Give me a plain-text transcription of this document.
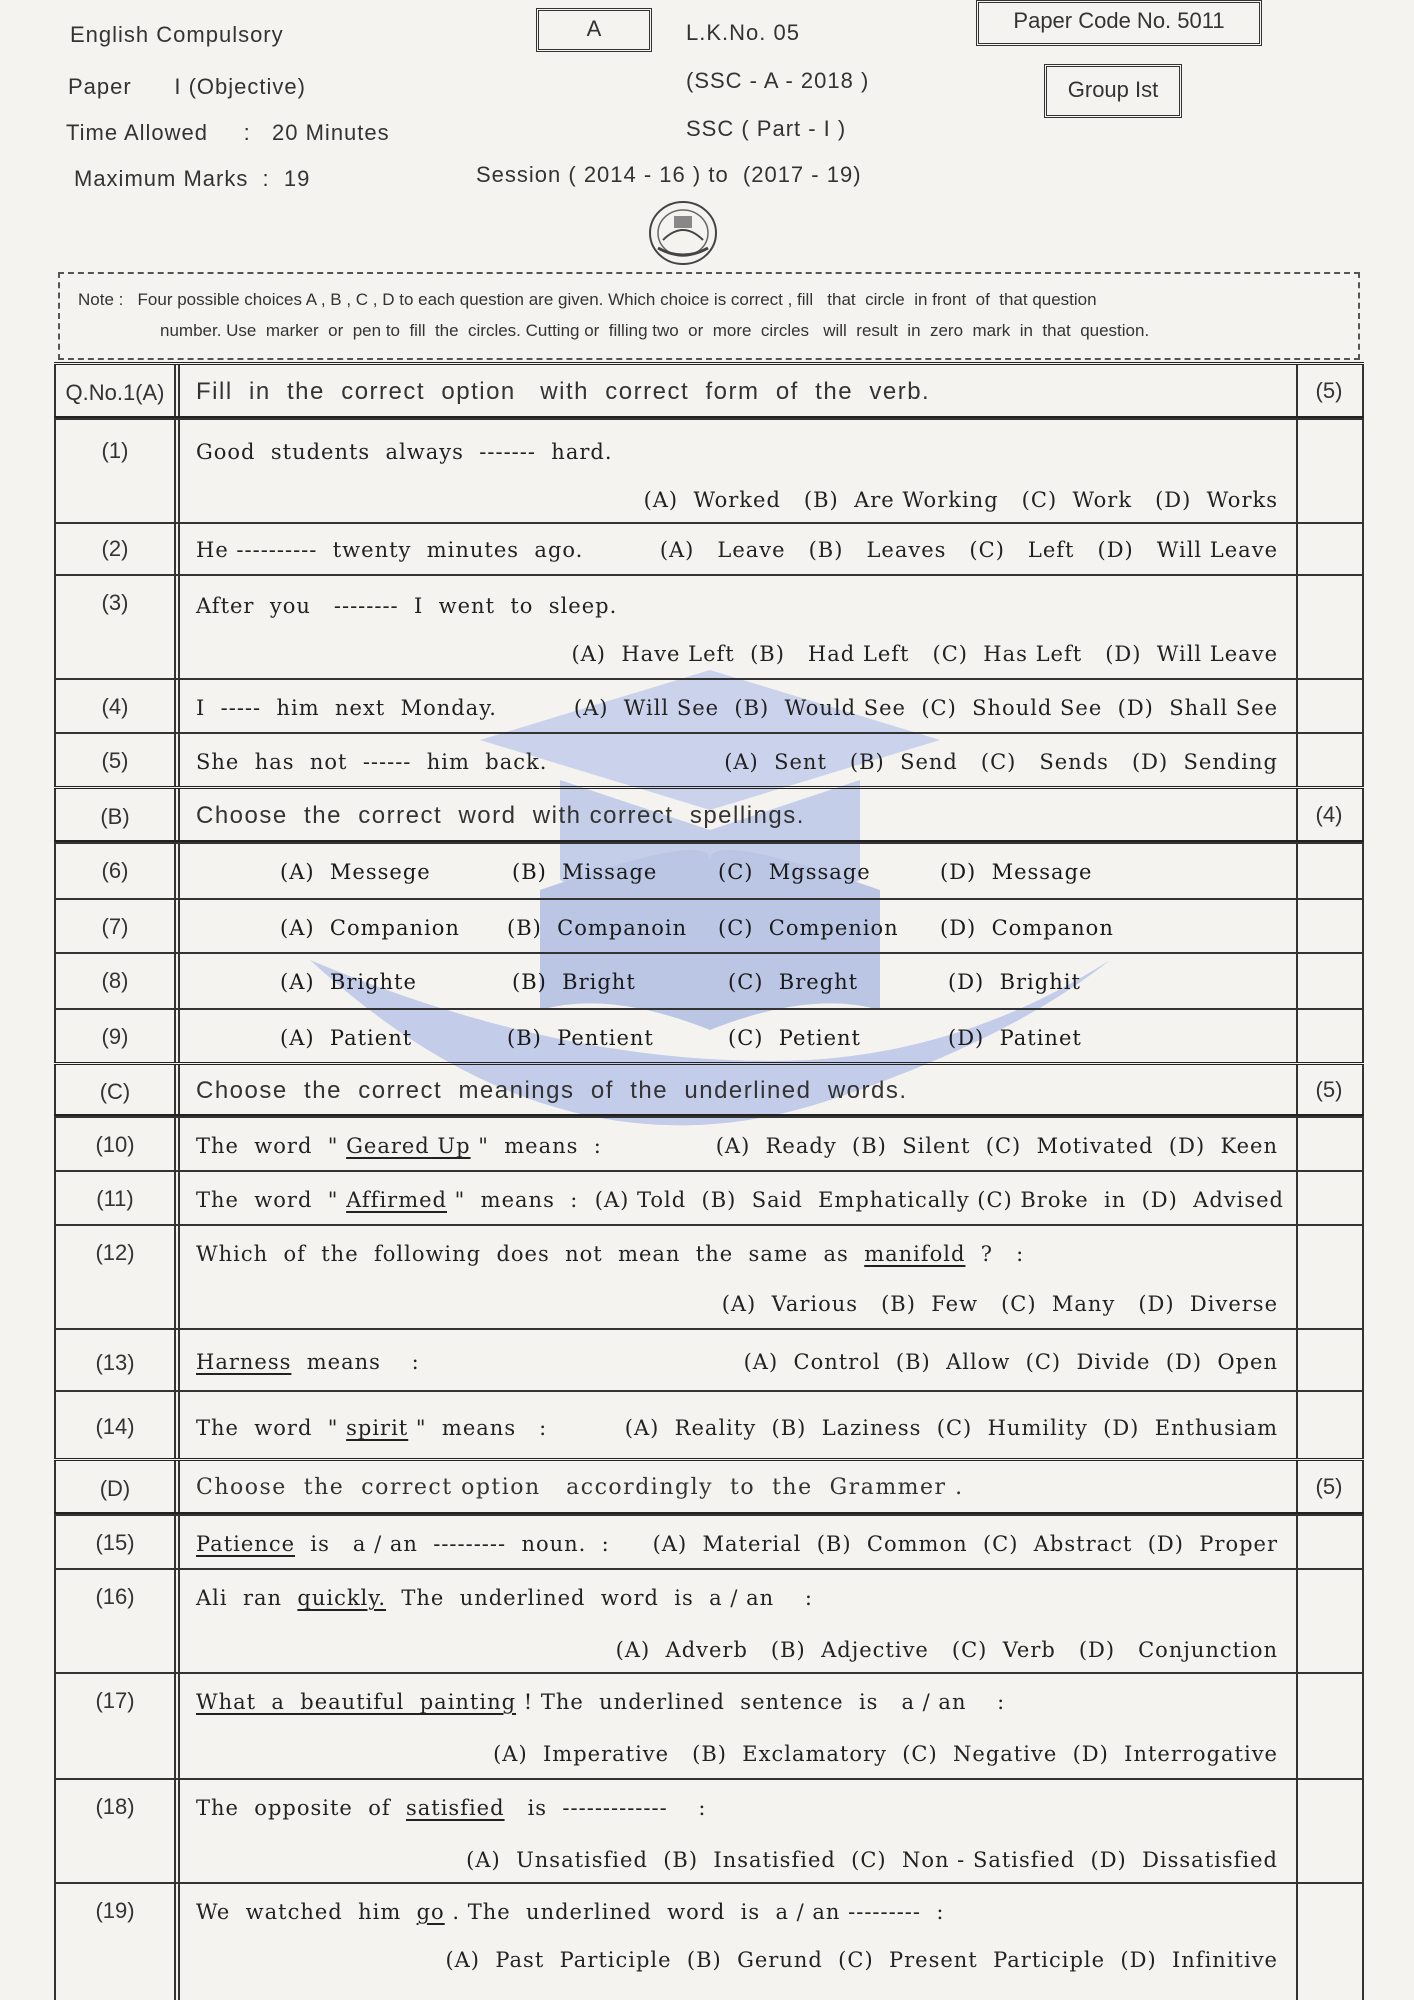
English Compulsory
Paper      I (Objective)
Time Allowed     :   20 Minutes
Maximum Marks  :  19
A	L.K.No. 05
(SSC - A - 2018 )
SSC ( Part - I )
Session ( 2014 - 16 ) to  (2017 - 19)
Paper Code No. 5011
Group Ist
Note :   Four possible choices A , B , C , D to each question are given. Which choice is correct , fill   that  circle  in front  of  that question
number. Use  marker  or  pen to  fill  the  circles. Cutting or  filling two  or  more  circles   will  result  in  zero  mark  in  that  question.
Q.No.1(A)	Fill  in  the  correct  option   with  correct  form  of  the  verb.	(5)
(1)	Good  students  always  -------  hard.
(A)  Worked   (B)  Are Working   (C)  Work   (D)  Works
(2)	He ----------  twenty  minutes  ago.	(A)   Leave   (B)   Leaves   (C)   Left   (D)   Will Leave
(3)	After  you   --------  I  went  to  sleep.
(A)  Have Left  (B)   Had Left   (C)  Has Left   (D)  Will Leave
(4)	I  -----  him  next  Monday.	(A)  Will See  (B)  Would See  (C)  Should See  (D)  Shall See
(5)	She  has  not  ------  him  back.	(A)  Sent   (B)  Send   (C)   Sends   (D)  Sending
(B)	Choose  the  correct  word  with correct  spellings.	(4)
(6)	(A)  Messege	(B)  Missage	(C)  Mgssage	(D)  Message
(7)	(A)  Companion (B)  Companoin (C)  Compenion (D)  Companon
(8)	(A)  Brighte	(B)  Bright	(C)  Breght	(D)  Brighit
(9)	(A)  Patient	(B)  Pentient	(C)  Petient	(D)  Patinet
(C)	Choose  the  correct  meanings  of  the  underlined  words.	(5)
(10)	The  word  " Geared Up "  means  :	(A)  Ready  (B)  Silent  (C)  Motivated  (D)  Keen
(11)	The  word  " Affirmed "  means  : (A) Told  (B)  Said  Emphatically (C) Broke  in  (D)  Advised
(12)	Which  of  the  following  does  not  mean  the  same  as  manifold  ?   :
(A)  Various   (B)  Few   (C)  Many   (D)  Diverse
(13)	Harness  means    :	(A)  Control  (B)  Allow  (C)  Divide  (D)  Open
(14)	The  word  " spirit "  means   :	(A)  Reality  (B)  Laziness  (C)  Humility  (D)  Enthusiam
(D)	Choose  the  correct option   accordingly  to  the  Grammer .	(5)
(15)	Patience  is   a / an  ---------  noun.  : (A)  Material  (B)  Common  (C)  Abstract  (D)  Proper
(16)	Ali  ran  quickly.  The  underlined  word  is  a / an    :
(A)  Adverb   (B)  Adjective   (C)  Verb   (D)   Conjunction
(17)	What  a  beautiful  painting ! The  underlined  sentence  is   a / an    :
(A)  Imperative   (B)  Exclamatory  (C)  Negative  (D)  Interrogative
(18)	The  opposite  of  satisfied   is  -------------    :
(A)  Unsatisfied  (B)  Insatisfied  (C)  Non - Satisfied  (D)  Dissatisfied
(19)	We  watched  him  go . The  underlined  word  is  a / an ---------  :
(A)  Past  Participle  (B)  Gerund  (C)  Present  Participle  (D)  Infinitive
